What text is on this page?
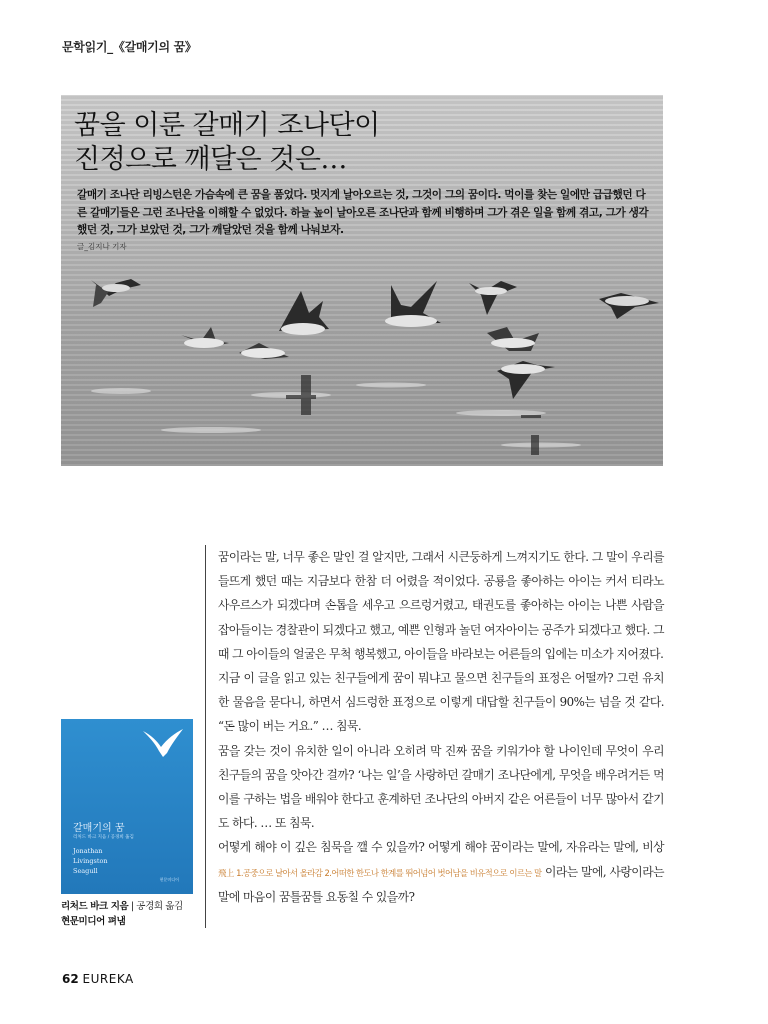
문학읽기_《갈매기의 꿈》
꿈을 이룬 갈매기 조나단이
진정으로 깨달은 것은…

갈매기 조나단 리빙스턴은 가슴속에 큰 꿈을 품었다. 멋지게 날아오르는 것, 그것이 그의 꿈이다. 먹이를 찾는 일에만 급급했던 다른 갈매기들은 그런 조나단을 이해할 수 없었다. 하늘 높이 날아오른 조나단과 함께 비행하며 그가 겪은 일을 함께 겪고, 그가 생각했던 것, 그가 보았던 것, 그가 깨달았던 것을 함께 나눠보자.

글_김지나 기자

꿈이라는 말, 너무 좋은 말인 걸 알지만, 그래서 시큰둥하게 느껴지기도 한다. 그 말이 우리를 들뜨게 했던 때는 지금보다 한참 더 어렸을 적이었다. 공룡을 좋아하는 아이는 커서 티라노 사우르스가 되겠다며 손톱을 세우고 으르렁거렸고, 태권도를 좋아하는 아이는 나쁜 사람을 잡아들이는 경찰관이 되겠다고 했고, 예쁜 인형과 놀던 여자아이는 공주가 되겠다고 했다. 그때 그 아이들의 얼굴은 무척 행복했고, 아이들을 바라보는 어른들의 입에는 미소가 지어졌다.

지금 이 글을 읽고 있는 친구들에게 꿈이 뭐냐고 물으면 친구들의 표정은 어떨까? 그런 유치한 물음을 묻다니, 하면서 심드렁한 표정으로 이렇게 대답할 친구들이 90%는 넘을 것 같다. “돈 많이 버는 거요.” … 침묵.

꿈을 갖는 것이 유치한 일이 아니라 오히려 막 진짜 꿈을 키워가야 할 나이인데 무엇이 우리 친구들의 꿈을 앗아간 걸까? ‘나는 일’을 사랑하던 갈매기 조나단에게, 무엇을 배우려거든 먹이를 구하는 법을 배워야 한다고 훈계하던 조나단의 아버지 같은 어른들이 너무 많아서 같기도 하다. … 또 침묵.

어떻게 해야 이 깊은 침묵을 깰 수 있을까? 어떻게 해야 꿈이라는 말에, 자유라는 말에, 비상飛上 1.공중으로 날아서 올라감 2.어떠한 한도나 한계를 뛰어넘어 벗어남을 비유적으로 이르는 말 이라는 말에, 사랑이라는 말에 마음이 꿈틀꿈틀 요동칠 수 있을까?

갈매기의 꿈
리처드 바크 지음 / 공경희 옮김
Jonathan
Livingston
Seagull
현문미디어
리처드 바크 지음 | 공경희 옮김
현문미디어 펴냄
62 EUREKA
